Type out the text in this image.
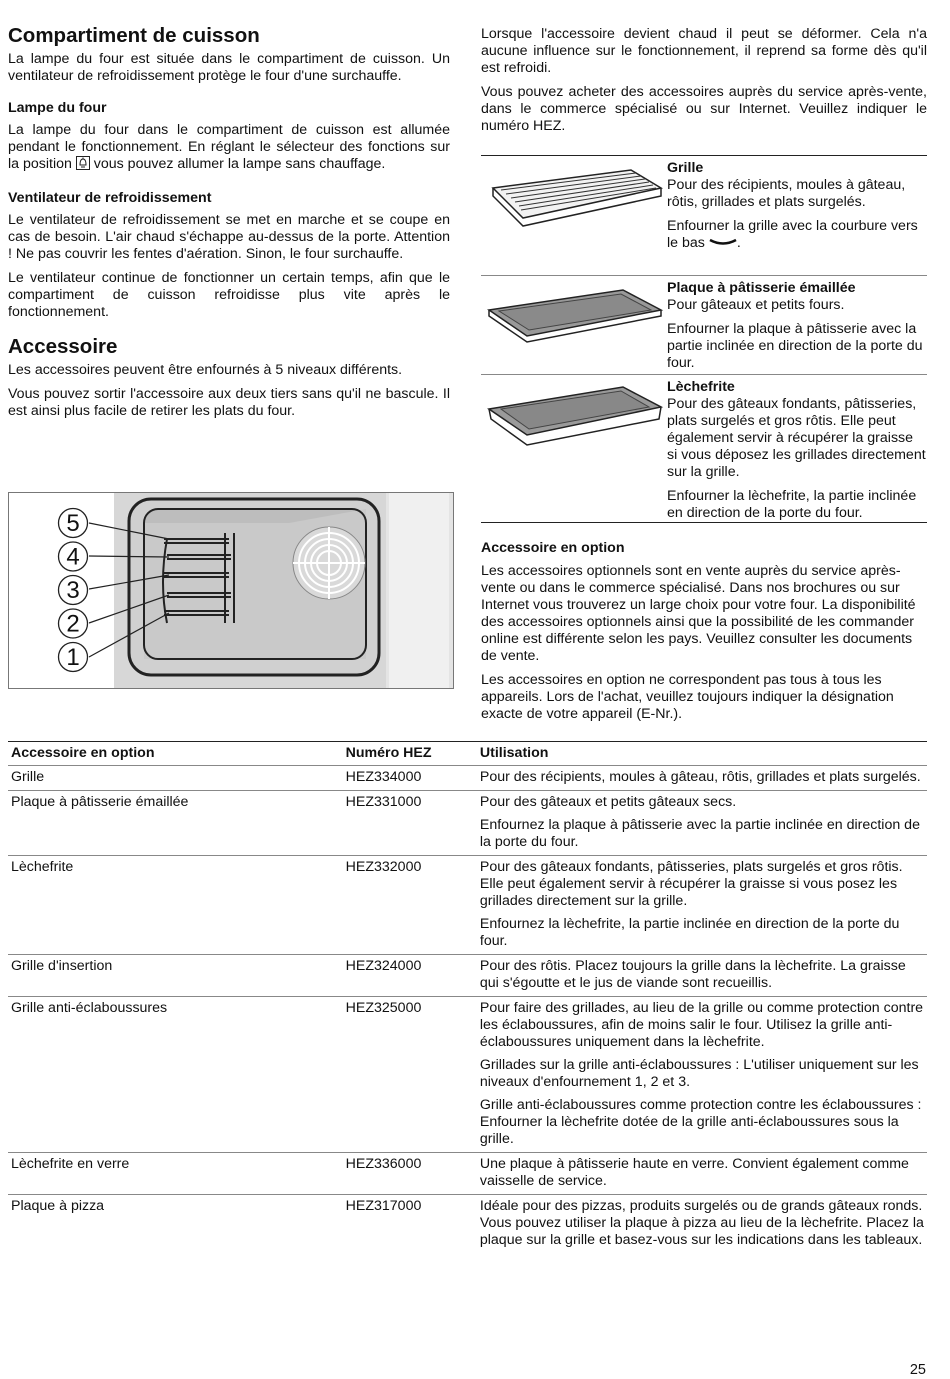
Compartiment de cuisson

La lampe du four est située dans le compartiment de cuisson. Un ventilateur de refroidissement protège le four d'une surchauffe.

Lampe du four

La lampe du four dans le compartiment de cuisson est allumée pendant le fonctionnement. En réglant le sélecteur des fonctions sur la position  vous pouvez allumer la lampe sans chauffage.

Ventilateur de refroidissement

Le ventilateur de refroidissement se met en marche et se coupe en cas de besoin. L'air chaud s'échappe au-dessus de la porte. Attention ! Ne pas couvrir les fentes d'aération. Sinon, le four surchauffe.

Le ventilateur continue de fonctionner un certain temps, afin que le compartiment de cuisson refroidisse plus vite après le fonctionnement.

Accessoire

Les accessoires peuvent être enfournés à 5 niveaux différents.

Vous pouvez sortir l'accessoire aux deux tiers sans qu'il ne bascule. Il est ainsi plus facile de retirer les plats du four.

5
4
3
2
1

Lorsque l'accessoire devient chaud il peut se déformer. Cela n'a aucune influence sur le fonctionnement, il reprend sa forme dès qu'il est refroidi.

Vous pouvez acheter des accessoires auprès du service après-vente, dans le commerce spécialisé ou sur Internet. Veuillez indiquer le numéro HEZ.

Grille

Pour des récipients, moules à gâteau, rôtis, grillades et plats surgelés.

Enfourner la grille avec la courbure vers le bas .

Plaque à pâtisserie émaillée

Pour gâteaux et petits fours.

Enfourner la plaque à pâtisserie avec la partie inclinée en direction de la porte du four.

Lèchefrite

Pour des gâteaux fondants, pâtisseries, plats surgelés et gros rôtis. Elle peut également servir à récupérer la graisse si vous déposez les grillades directement sur la grille.

Enfourner la lèchefrite, la partie inclinée en direction de la porte du four.

Accessoire en option

Les accessoires optionnels sont en vente auprès du service après-vente ou dans le commerce spécialisé. Dans nos brochures ou sur Internet vous trouverez un large choix pour votre four. La disponibilité des accessoires optionnels ainsi que la possibilité de les commander online est différente selon les pays. Veuillez consulter les documents de vente.

Les accessoires en option ne correspondent pas tous à tous les appareils. Lors de l'achat, veuillez toujours indiquer la désignation exacte de votre appareil (E-Nr.).

Accessoire en option	Numéro HEZ	Utilisation
Grille	HEZ334000	Pour des récipients, moules à gâteau, rôtis, grillades et plats surgelés.

Plaque à pâtisserie émaillée	HEZ331000	Pour des gâteaux et petits gâteaux secs.

Enfournez la plaque à pâtisserie avec la partie inclinée en direction de la porte du four.

Lèchefrite	HEZ332000	Pour des gâteaux fondants, pâtisseries, plats surgelés et gros rôtis. Elle peut également servir à récupérer la graisse si vous posez les grillades directement sur la grille.

Enfournez la lèchefrite, la partie inclinée en direction de la porte du four.

Grille d'insertion	HEZ324000	Pour des rôtis. Placez toujours la grille dans la lèchefrite. La graisse qui s'égoutte et le jus de viande sont recueillis.

Grille anti-éclaboussures	HEZ325000	Pour faire des grillades, au lieu de la grille ou comme protection contre les éclaboussures, afin de moins salir le four. Utilisez la grille anti-éclaboussures uniquement dans la lèchefrite.

Grillades sur la grille anti-éclaboussures : L'utiliser uniquement sur les niveaux d'enfournement 1, 2 et 3.

Grille anti-éclaboussures comme protection contre les éclaboussures : Enfourner la lèchefrite dotée de la grille anti-éclaboussures sous la grille.

Lèchefrite en verre	HEZ336000	Une plaque à pâtisserie haute en verre. Convient également comme vaisselle de service.

Plaque à pizza	HEZ317000	Idéale pour des pizzas, produits surgelés ou de grands gâteaux ronds. Vous pouvez utiliser la plaque à pizza au lieu de la lèchefrite. Placez la plaque sur la grille et basez-vous sur les indications dans les tableaux.

25
